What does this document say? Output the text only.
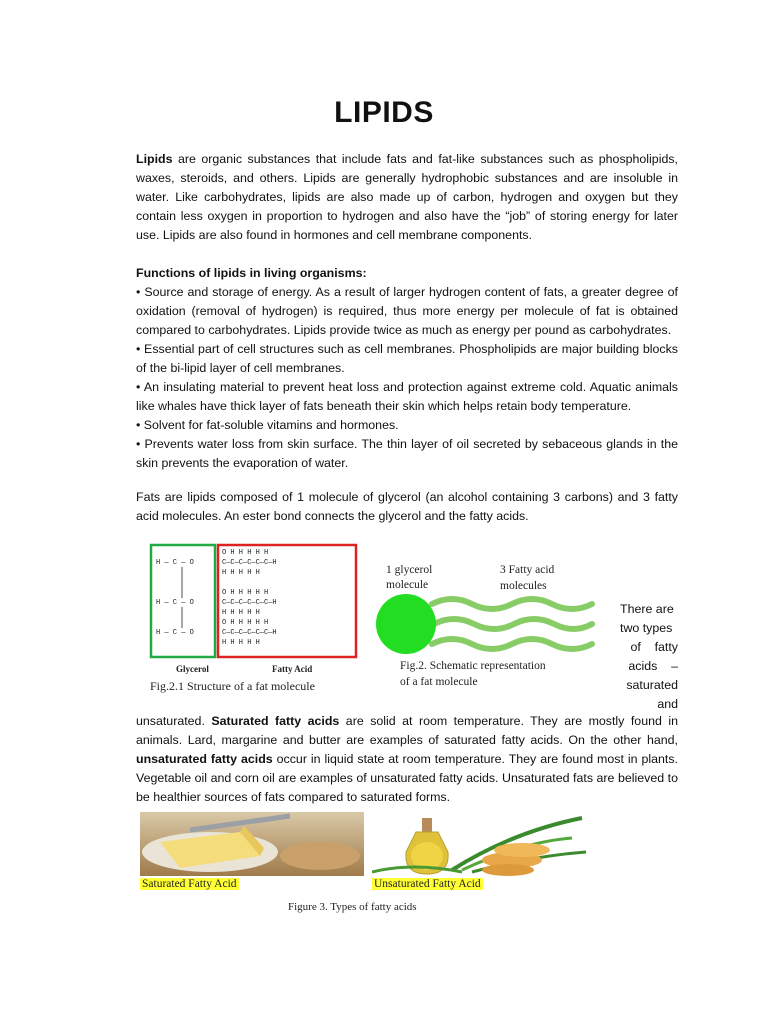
LIPIDS

Lipids are organic substances that include fats and fat-like substances such as phospholipids, waxes, steroids, and others. Lipids are generally hydrophobic substances and are insoluble in water. Like carbohydrates, lipids are also made up of carbon, hydrogen and oxygen but they contain less oxygen in proportion to hydrogen and also have the “job” of storing energy for later use. Lipids are also found in hormones and cell membrane components.

Functions of lipids in living organisms:
• Source and storage of energy. As a result of larger hydrogen content of fats, a greater degree of oxidation (removal of hydrogen) is required, thus more energy per molecule of fat is obtained compared to carbohydrates. Lipids provide twice as much as energy per pound as carbohydrates.
• Essential part of cell structures such as cell membranes. Phospholipids are major building blocks of the bi-lipid layer of cell membranes.
• An insulating material to prevent heat loss and protection against extreme cold. Aquatic animals like whales have thick layer of fats beneath their skin which helps retain body temperature.
• Solvent for fat-soluble vitamins and hormones.
• Prevents water loss from skin surface. The thin layer of oil secreted by sebaceous glands in the skin prevents the evaporation of water.

Fats are lipids composed of 1 molecule of glycerol (an alcohol containing 3 carbons) and 3 fatty acid molecules. An ester bond connects the glycerol and the fatty acids.

H — C — O
H — C — O
H — C — O
O H H H H H
C—C—C—C—C—C—H
H H H H H
O H H H H H
C—C—C—C—C—C—H
H H H H H
O H H H H H
C—C—C—C—C—C—H
H H H H H
Glycerol	Fatty Acid
Fig.2.1 Structure of a fat molecule
1 glycerol
molecule
3 Fatty acid
molecules
Fig.2. Schematic representation
of a fat molecule
There are
two types
of    fatty
acids    –
saturated
and

unsaturated. Saturated fatty acids are solid at room temperature. They are mostly found in animals. Lard, margarine and butter are examples of saturated fatty acids. On the other hand, unsaturated fatty acids occur in liquid state at room temperature. They are found most in plants. Vegetable oil and corn oil are examples of unsaturated fatty acids. Unsaturated fats are believed to be healthier sources of fats compared to saturated forms.

Saturated Fatty Acid	Unsaturated Fatty Acid
Figure 3. Types of fatty acids
